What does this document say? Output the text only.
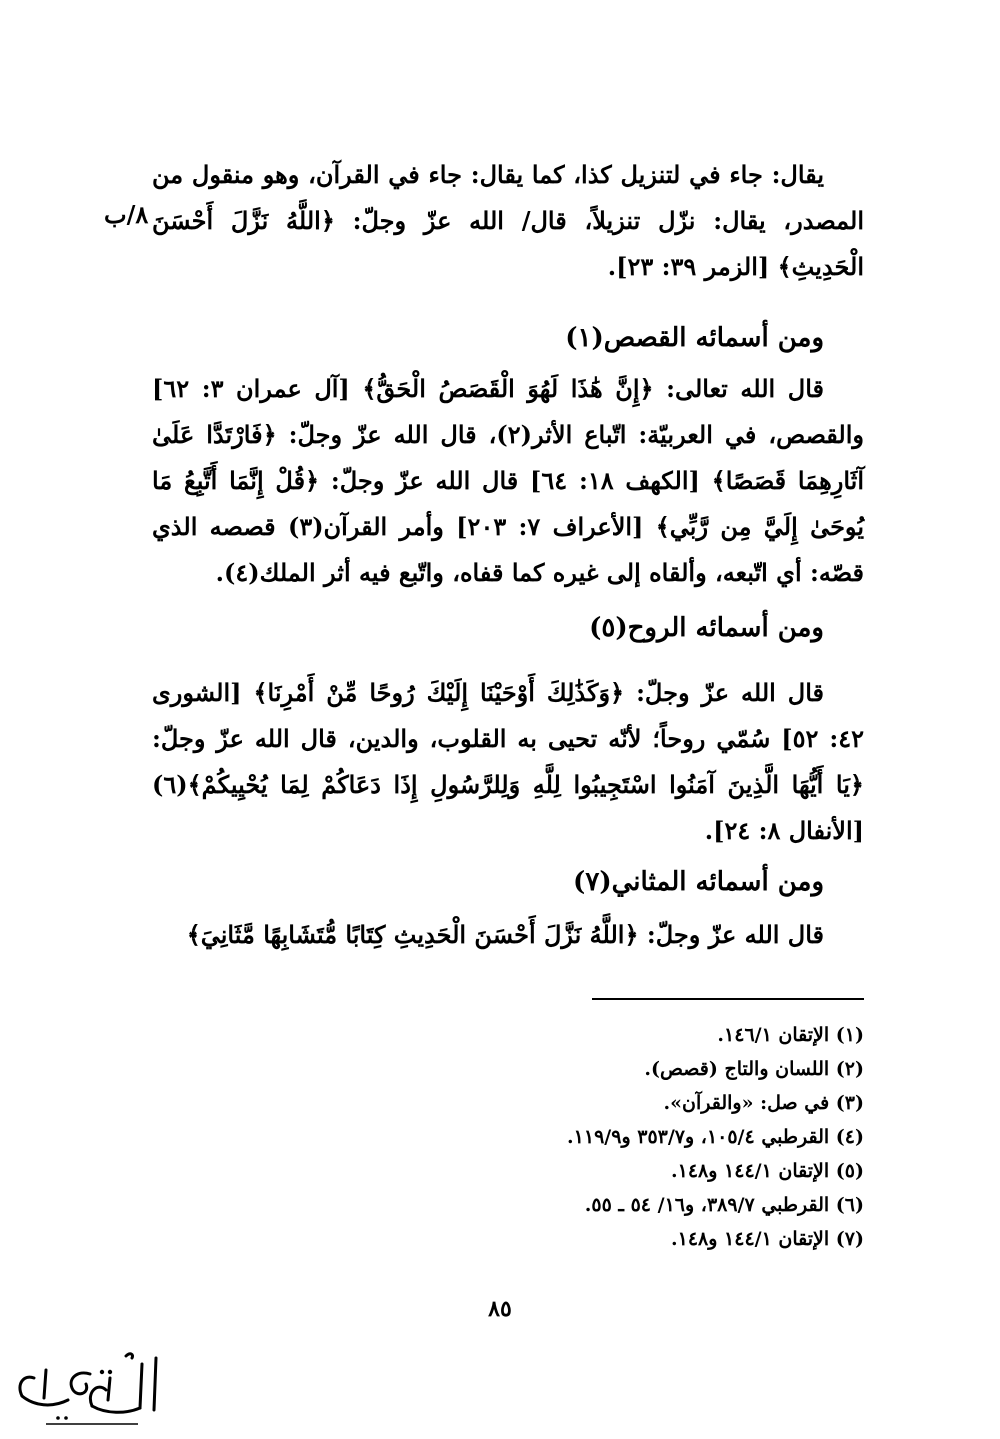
يقال: جاء في لتنزيل كذا، كما يقال: جاء في القرآن، وهو منقول من المصدر، يقال: نزّل تنزيلاً، قال/ الله عزّ وجلّ: ﴿اللَّهُ نَزَّلَ أَحْسَنَ الْحَدِيثِ﴾ [الزمر ٣٩: ٢٣].
٨/ب
ومن أسمائه القصص(١)
قال الله تعالى: ﴿إِنَّ هَٰذَا لَهُوَ الْقَصَصُ الْحَقُّ﴾ [آل عمران ٣: ٦٢] والقصص، في العربيّة: اتّباع الأثر(٢)، قال الله عزّ وجلّ: ﴿فَارْتَدَّا عَلَىٰ آثَارِهِمَا قَصَصًا﴾ [الكهف ١٨: ٦٤] قال الله عزّ وجلّ: ﴿قُلْ إِنَّمَا أَتَّبِعُ مَا يُوحَىٰ إِلَيَّ مِن رَّبِّي﴾ [الأعراف ٧: ٢٠٣] وأمر القرآن(٣) قصصه الذي قصّه: أي اتّبعه، وألقاه إلى غيره كما قفاه، واتّبع فيه أثر الملك(٤).
ومن أسمائه الروح(٥)
قال الله عزّ وجلّ: ﴿وَكَذَٰلِكَ أَوْحَيْنَا إِلَيْكَ رُوحًا مِّنْ أَمْرِنَا﴾ [الشورى ٤٢: ٥٢] سُمّي روحاً؛ لأنّه تحيى به القلوب، والدين، قال الله عزّ وجلّ: ﴿يَا أَيُّهَا الَّذِينَ آمَنُوا اسْتَجِيبُوا لِلَّهِ وَلِلرَّسُولِ إِذَا دَعَاكُمْ لِمَا يُحْيِيكُمْ﴾(٦) [الأنفال ٨: ٢٤].
ومن أسمائه المثاني(٧)
قال الله عزّ وجلّ: ﴿اللَّهُ نَزَّلَ أَحْسَنَ الْحَدِيثِ كِتَابًا مُّتَشَابِهًا مَّثَانِيَ﴾
(١) الإتقان ١٤٦/١.
(٢) اللسان والتاج (قصص).
(٣) في صل: «والقرآن».
(٤) القرطبي ١٠٥/٤، و٣٥٣/٧ و١١٩/٩.
(٥) الإتقان ١٤٤/١ و١٤٨.
(٦) القرطبي ٣٨٩/٧، و١٦/ ٥٤ ـ ٥٥.
(٧) الإتقان ١٤٤/١ و١٤٨.
٨٥
